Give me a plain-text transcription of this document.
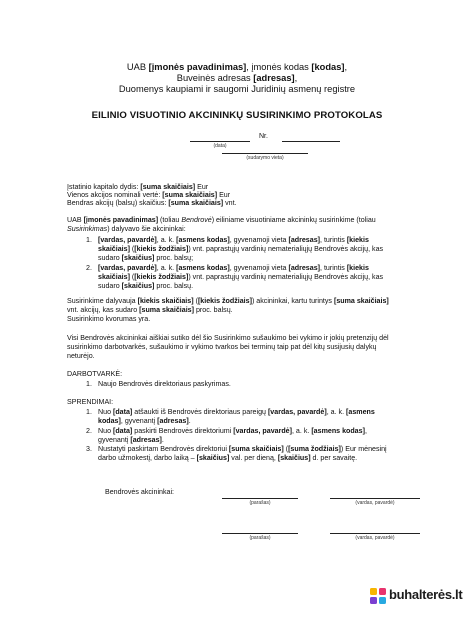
UAB [įmonės pavadinimas], įmonės kodas [kodas],
Buveinės adresas [adresas],
Duomenys kaupiami ir saugomi Juridinių asmenų registre
EILINIO VISUOTINIO AKCININKŲ SUSIRINKIMO PROTOKOLAS
Nr.
(data)
(sudarymo vieta)
Įstatinio kapitalo dydis: [suma skaičiais] Eur
Vienos akcijos nominali vertė: [suma skaičiais] Eur
Bendras akcijų (balsų) skaičius: [suma skaičiais] vnt.
UAB [įmonės pavadinimas] (toliau Bendrovė) eiliniame visuotiniame akcininkų susirinkime (toliau
Susirinkimas) dalyvavo šie akcininkai:
1. [vardas, pavardė], a. k. [asmens kodas], gyvenamoji vieta [adresas], turintis [kiekis
skaičiais] ([kiekis žodžiais]) vnt. paprastųjų vardinių nematerialiųjų Bendrovės akcijų, kas
sudaro [skaičius] proc. balsų;
2. [vardas, pavardė], a. k. [asmens kodas], gyvenamoji vieta [adresas], turintis [kiekis
skaičiais] ([kiekis žodžiais]) vnt. paprastųjų vardinių nematerialiųjų Bendrovės akcijų, kas
sudaro [skaičius] proc. balsų.
Susirinkime dalyvauja [kiekis skaičiais] ([kiekis žodžiais]) akcininkai, kartu turintys [suma skaičiais]
vnt. akcijų, kas sudaro [suma skaičiais] proc. balsų.
Susirinkimo kvorumas yra.
Visi Bendrovės akcininkai aiškiai sutiko dėl šio Susirinkimo sušaukimo bei vykimo ir jokių pretenzijų dėl
susirinkimo darbotvarkės, sušaukimo ir vykimo tvarkos bei terminų taip pat dėl kitų susijusių dalykų
neturėjo.
DARBOTVARKĖ:
1. Naujo Bendrovės direktoriaus paskyrimas.
SPRENDIMAI:
1. Nuo [data] atšaukti iš Bendrovės direktoriaus pareigų [vardas, pavardė], a. k. [asmens
kodas], gyvenantį [adresas].
2. Nuo [data] paskirti Bendrovės direktoriumi [vardas, pavardė], a. k. [asmens kodas],
gyvenantį [adresas].
3. Nustatyti paskirtam Bendrovės direktoriui [suma skaičiais] ([suma žodžiais]) Eur mėnesinį
darbo užmokestį, darbo laiką – [skaičius] val. per dieną, [skaičius] d. per savaitę.
Bendrovės akcininkai:
(parašas)	(vardas, pavardė)
(parašas)	(vardas, pavardė)
buhalterės.lt
